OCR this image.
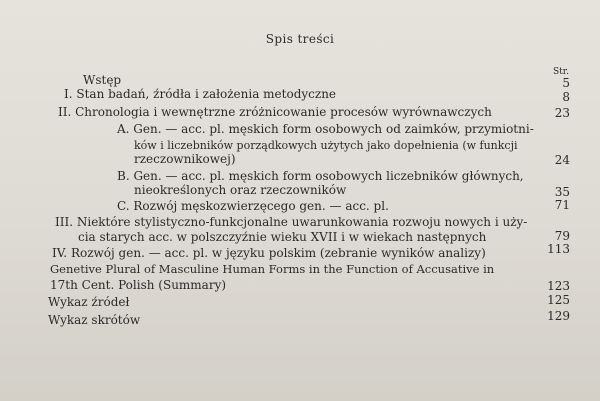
Spis treści
Str.
Wstęp	5
I. Stan badań, źródła i założenia metodyczne	8
II. Chronologia i wewnętrzne zróżnicowanie procesów wyrównawczych	23
A. Gen. — acc. pl. męskich form osobowych od zaimków, przymiotni-
ków i liczebników porządkowych użytych jako dopełnienia (w funkcji
rzeczownikowej)	24
B. Gen. — acc. pl. męskich form osobowych liczebników głównych,
nieokreślonych oraz rzeczowników	35
C. Rozwój męskozwierzęcego gen. — acc. pl.	71
III. Niektóre stylistyczno-funkcjonalne uwarunkowania rozwoju nowych i uży-
cia starych acc. w polszczyźnie wieku XVII i w wiekach następnych	79
IV. Rozwój gen. — acc. pl. w języku polskim (zebranie wyników analizy)	113
Genetive Plural of Masculine Human Forms in the Function of Accusative in
17th Cent. Polish (Summary)	123
Wykaz źródeł	125
Wykaz skrótów	129
